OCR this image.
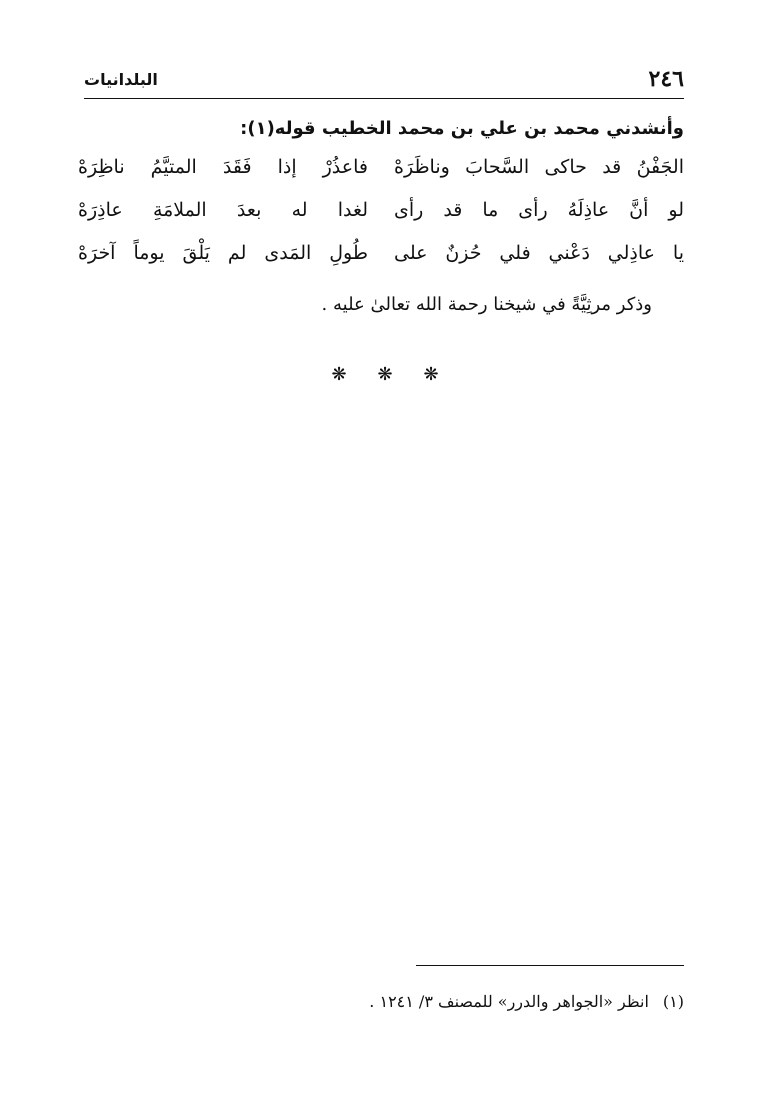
البلدانيات	٢٤٦
وأنشدني محمد بن علي بن محمد الخطيب قوله(١):
الجَفْنُ قد حاكى السَّحابَ وناظَرَهْ
فاعذُرْ إذا فَقَدَ المتيَّمُ ناظِرَهْ
لو أنَّ عاذِلَهُ رأى ما قد رأى
لغدا له بعدَ الملامَةِ عاذِرَهْ
يا عاذِلي دَعْني فلي حُزنٌ على
طُولِ المَدى لم يَلْقَ يوماً آخرَهْ
وذكر مرثِيَّةً في شيخنا رحمة الله تعالىٰ عليه .
❋ ❋ ❋
(١)انظر «الجواهر والدرر» للمصنف ٣/ ١٢٤١ .
